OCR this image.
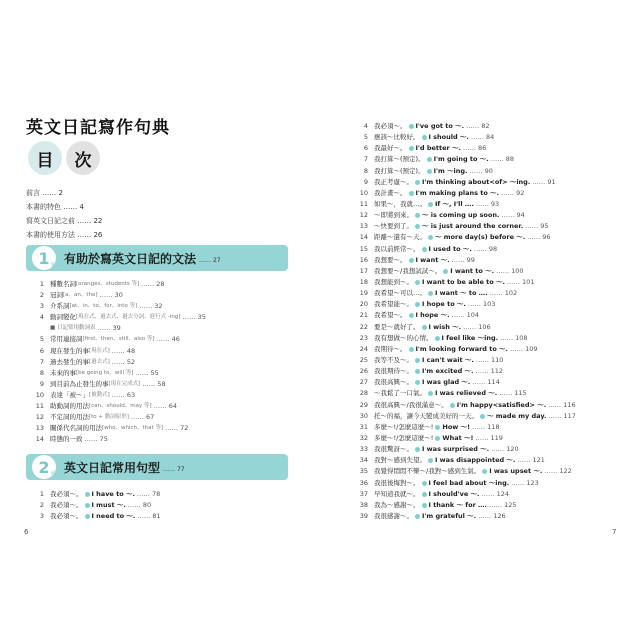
英文日記寫作句典
目	次
前言 …… 2
本書的特色 …… 4
寫英文日記之前 …… 22
本書的使用方法 …… 26
1 章 有助於寫英文日記的文法 …… 27
1 種數名詞 [oranges、students 等] …… 28
2 冠詞 [a、an、the] …… 30
3 介系詞 [at、in、to、for、into 等] …… 32
4 動詞變化 [現在式、過去式、過去分詞、進行式 -ing] …… 35
■ 日記常用動詞表 …… 39
5 常用連接詞 [first、then、still、also 等] …… 46
6 現在發生的事 [現在式] …… 48
7 過去發生的事 [過去式] …… 52
8 未來的事 [be going to、will 等] …… 55
9 到目前為止發生的事 [現在完成式] …… 58
10 表達「被〜」 [被動式] …… 63
11 助動詞的用法 [can、should、may 等] …… 64
12 不定詞的用法 [to + 動詞原形] …… 67
13 關係代名詞的用法 [who、which、that 等] …… 72
14 時態的一致 …… 75
2 章 英文日記常用句型 …… 77
1 我必須〜。 I have to 〜. …… 78
2 我必須〜。 I must 〜. …… 80
3 我必須〜。 I need to 〜. …… 81
6	7
4 我必須〜。 I've got to 〜. …… 82
5 應該〜比較好。 I should 〜. …… 84
6 我最好〜。 I'd better 〜. …… 86
7 我打算〜(預定)。 I'm going to 〜. …… 88
8 我打算〜(預定)。 I'm 〜ing. …… 90
9 我正考慮〜。 I'm thinking about<of> 〜ing. …… 91
10 我計畫〜。 I'm making plans to 〜. …… 92
11 如果〜，我就…。 If 〜, I'll …. …… 93
12 〜即將到來。 〜 is coming up soon. …… 94
13 〜快要到了。 〜 is just around the corner. …… 95
14 距離〜還有〜天。 〜 more day(s) before 〜. …… 96
15 我以前經常〜。 I used to 〜. …… 98
16 我想要〜。 I want 〜. …… 99
17 我想要〜/我想試試〜。 I want to 〜. …… 100
18 我想能到〜。 I want to be able to 〜. …… 101
19 我希望〜可以…。 I want 〜 to …. …… 102
20 我希望能〜。 I hope to 〜. …… 103
21 我希望〜。 I hope 〜. …… 104
22 要是〜就好了。 I wish 〜. …… 106
23 我有想做〜的心情。 I feel like 〜ing. …… 108
24 我期待〜。 I'm looking forward to 〜. …… 109
25 我等不及〜。 I can't wait 〜. …… 110
26 我很期待〜。 I'm excited 〜. …… 112
27 我很高興〜。 I was glad 〜. …… 114
28 〜我鬆了一口氣。 I was relieved 〜. …… 115
29 我很高興〜/我很滿意〜。 I'm happy<satisfied> 〜. …… 116
30 托〜的福，讓今天變成美好的一天。 〜 made my day. …… 117
31 多麼〜!/怎麼這麼〜! How 〜! …… 118
32 多麼〜!/怎麼這麼〜! What 〜! …… 119
33 我很驚訝〜。 I was surprised 〜. …… 120
34 我對〜感到失望。 I was disappointed 〜. …… 121
35 我覺得悶悶不樂〜/我對〜感到生氣。 I was upset 〜. …… 122
36 我很後悔對〜。 I feel bad about 〜ing. …… 123
37 早知道我就〜。 I should've 〜. …… 124
38 我為〜感謝〜。 I thank 〜 for …. …… 125
39 我很感謝〜。 I'm grateful 〜. …… 126
